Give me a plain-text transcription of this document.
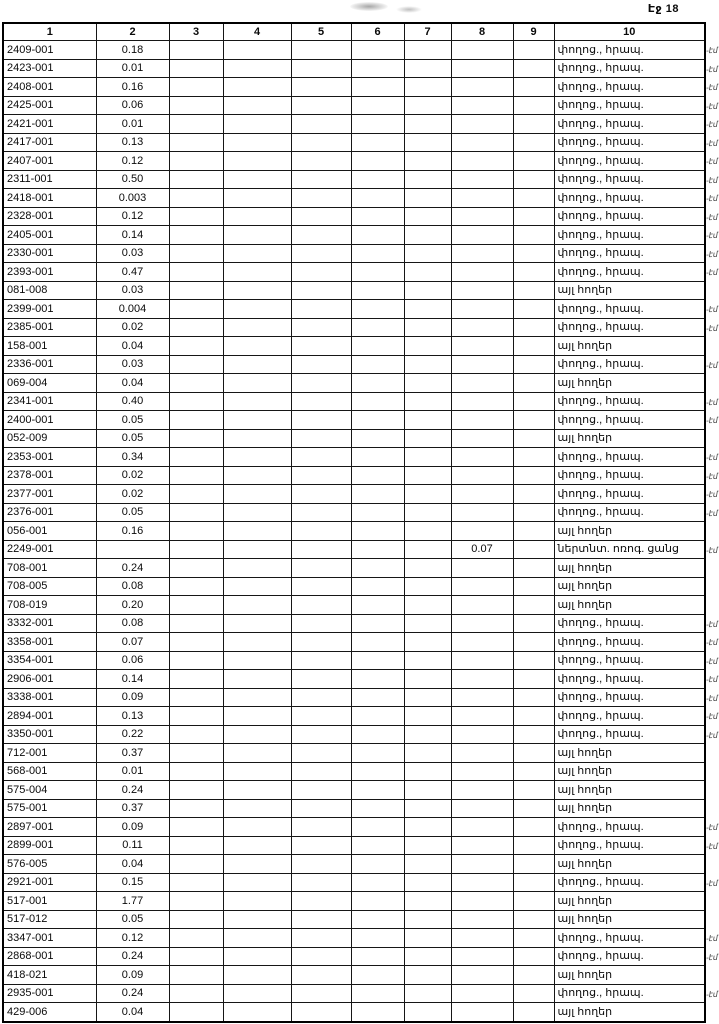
Էջ 18
1	2	3	4	5	6	7	8	9	10
2409-001	0.18								փողոց., հրապ.
2423-001	0.01								փողոց., հրապ.
2408-001	0.16								փողոց., հրապ.
2425-001	0.06								փողոց., հրապ.
2421-001	0.01								փողոց., հրապ.
2417-001	0.13								փողոց., հրապ.
2407-001	0.12								փողոց., հրապ.
2311-001	0.50								փողոց., հրապ.
2418-001	0.003								փողոց., հրապ.
2328-001	0.12								փողոց., հրապ.
2405-001	0.14								փողոց., հրապ.
2330-001	0.03								փողոց., հրապ.
2393-001	0.47								փողոց., հրապ.
081-008	0.03								այլ հողեր
2399-001	0.004								փողոց., հրապ.
2385-001	0.02								փողոց., հրապ.
158-001	0.04								այլ հողեր
2336-001	0.03								փողոց., հրապ.
069-004	0.04								այլ հողեր
2341-001	0.40								փողոց., հրապ.
2400-001	0.05								փողոց., հրապ.
052-009	0.05								այլ հողեր
2353-001	0.34								փողոց., հրապ.
2378-001	0.02								փողոց., հրապ.
2377-001	0.02								փողոց., հրապ.
2376-001	0.05								փողոց., հրապ.
056-001	0.16								այլ հողեր
2249-001							0.07		ներտնտ. ոռոգ. ցանց
708-001	0.24								այլ հողեր
708-005	0.08								այլ հողեր
708-019	0.20								այլ հողեր
3332-001	0.08								փողոց., հրապ.
3358-001	0.07								փողոց., հրապ.
3354-001	0.06								փողոց., հրապ.
2906-001	0.14								փողոց., հրապ.
3338-001	0.09								փողոց., հրապ.
2894-001	0.13								փողոց., հրապ.
3350-001	0.22								փողոց., հրապ.
712-001	0.37								այլ հողեր
568-001	0.01								այլ հողեր
575-004	0.24								այլ հողեր
575-001	0.37								այլ հողեր
2897-001	0.09								փողոց., հրապ.
2899-001	0.11								փողոց., հրապ.
576-005	0.04								այլ հողեր
2921-001	0.15								փողոց., հրապ.
517-001	1.77								այլ հողեր
517-012	0.05								այլ հողեր
3347-001	0.12								փողոց., հրապ.
2868-001	0.24								փողոց., հրապ.
418-021	0.09								այլ հողեր
2935-001	0.24								փողոց., հրապ.
429-006	0.04								այլ հողեր
-էմ
-էմ
-էմ
-էմ
-էմ
-էմ
-էմ
-էմ
-էմ
-էմ
-էմ
-էմ
-էմ
-էմ
-էմ
-էմ
-էմ
-էմ
-էմ
-էմ
-էմ
-էմ
-էմ
-էմ
-էմ
-էմ
-էմ
-էմ
-էմ
-էմ
-էմ
-էմ
-էմ
-էմ
-էմ
-էմ
